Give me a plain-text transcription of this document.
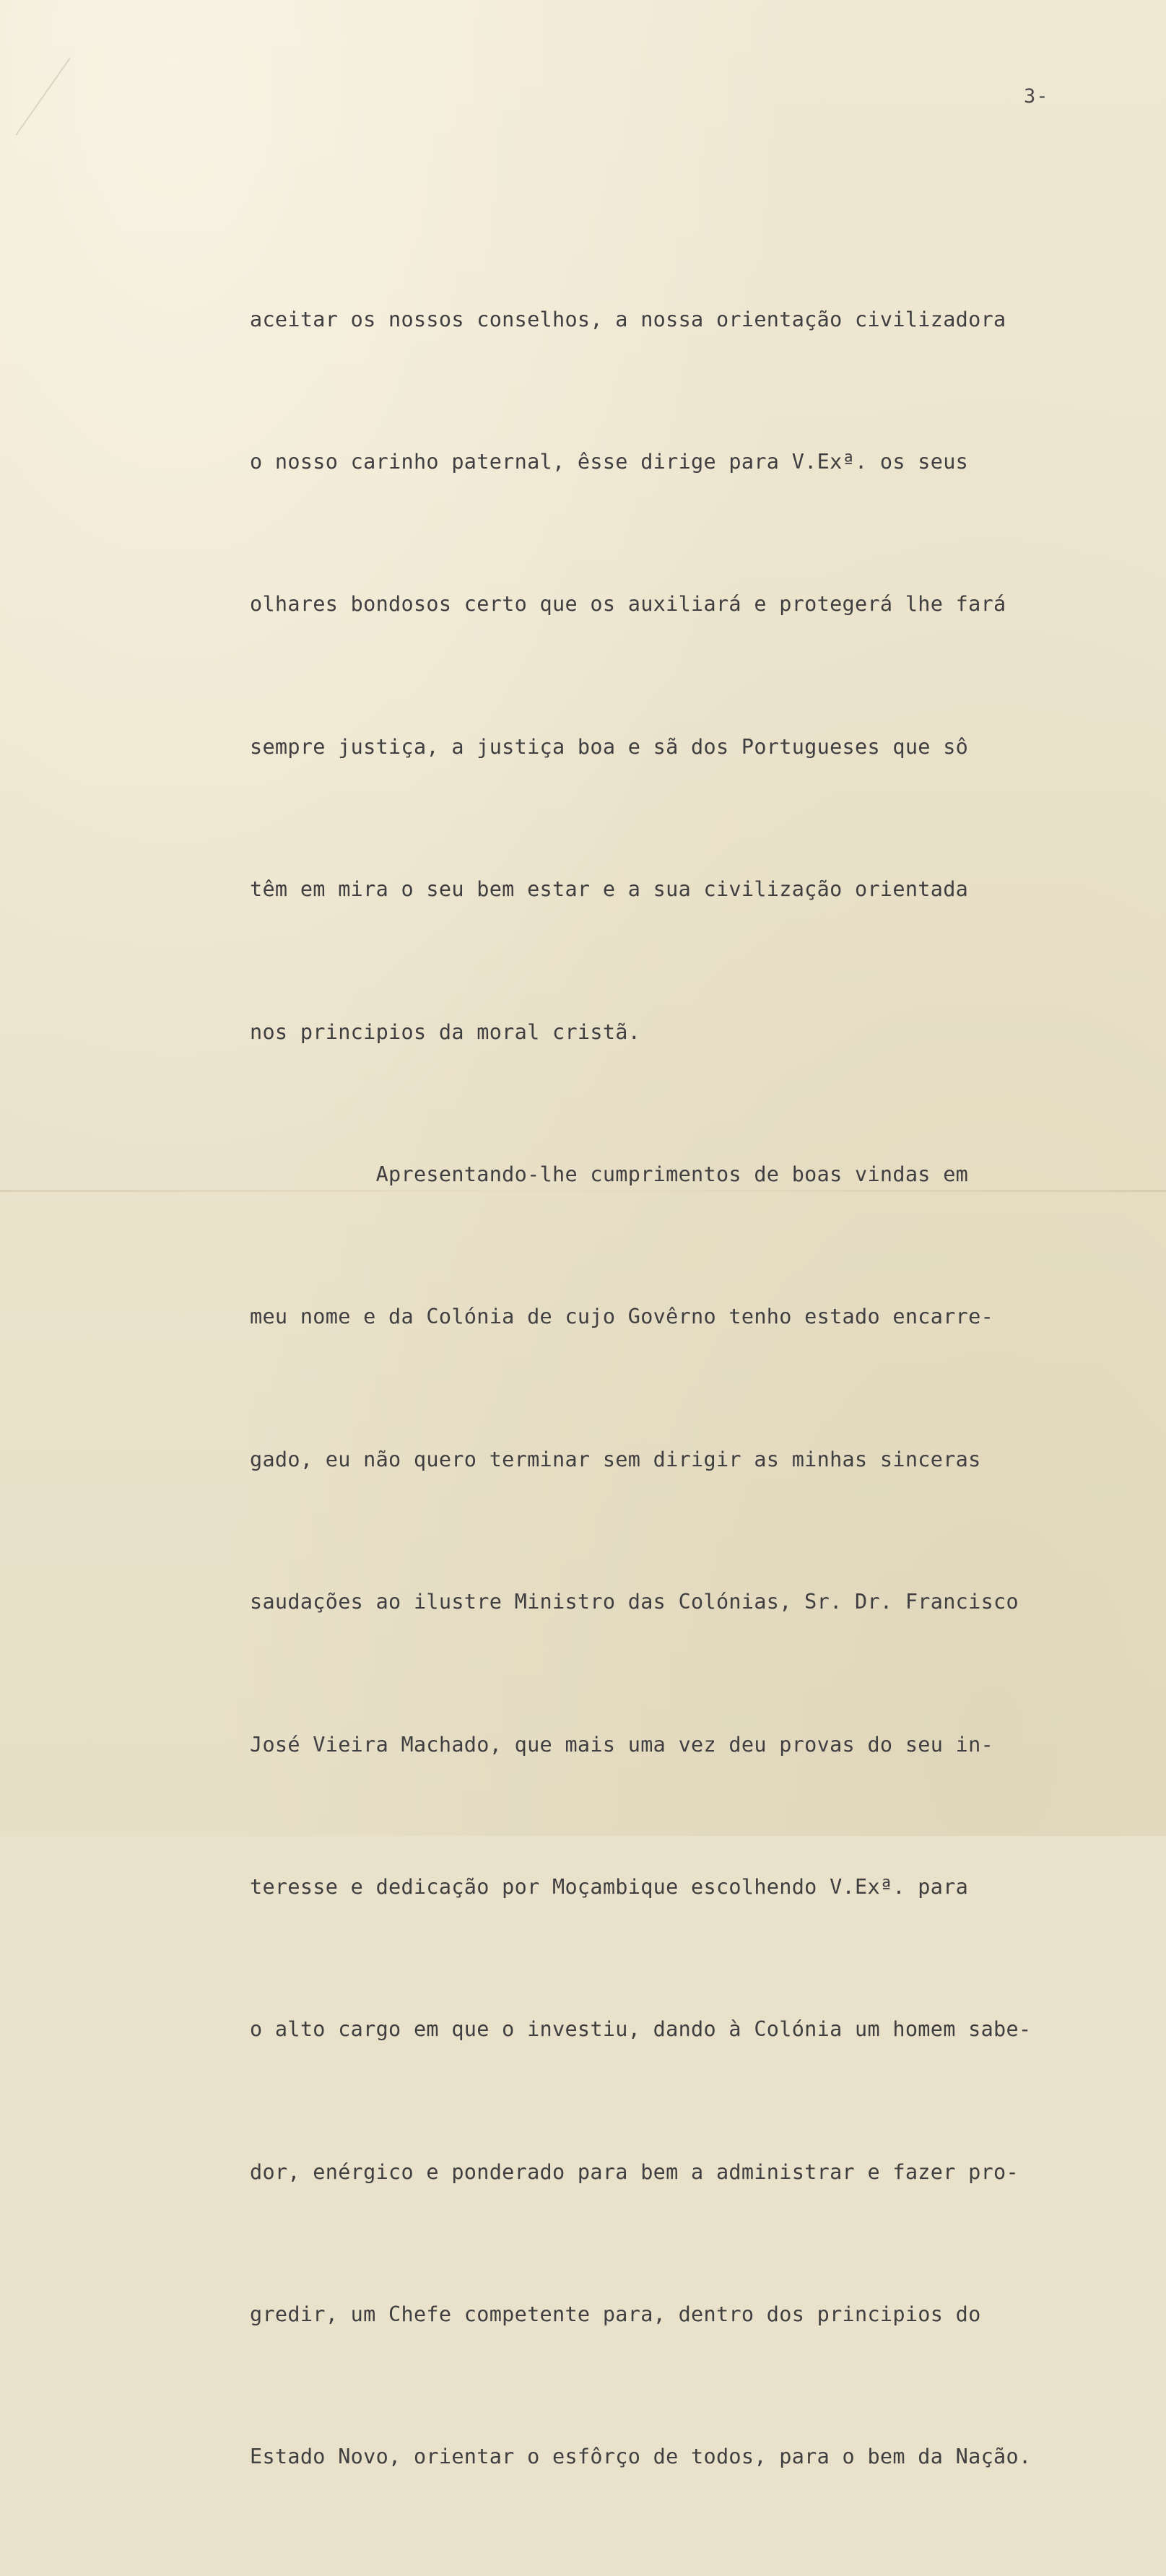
3-

aceitar os nossos conselhos, a nossa orientação civilizadora

o nosso carinho paternal, êsse dirige para V.Exª. os seus

olhares bondosos certo que os auxiliará e protegerá lhe fará

sempre justiça, a justiça boa e sã dos Portugueses que sô

têm em mira o seu bem estar e a sua civilização orientada

nos principios da moral cristã.

Apresentando-lhe cumprimentos de boas vindas em

meu nome e da Colónia de cujo Govêrno tenho estado encarre-

gado, eu não quero terminar sem dirigir as minhas sinceras

saudações ao ilustre Ministro das Colónias, Sr. Dr. Francisco

José Vieira Machado, que mais uma vez deu provas do seu in-

teresse e dedicação por Moçambique escolhendo V.Exª. para

o alto cargo em que o investiu, dando à Colónia um homem sabe-

dor, enérgico e ponderado para bem a administrar e fazer pro-

gredir, um Chefe competente para, dentro dos principios do

Estado Novo, orientar o esfôrço de todos, para o bem da Nação.
